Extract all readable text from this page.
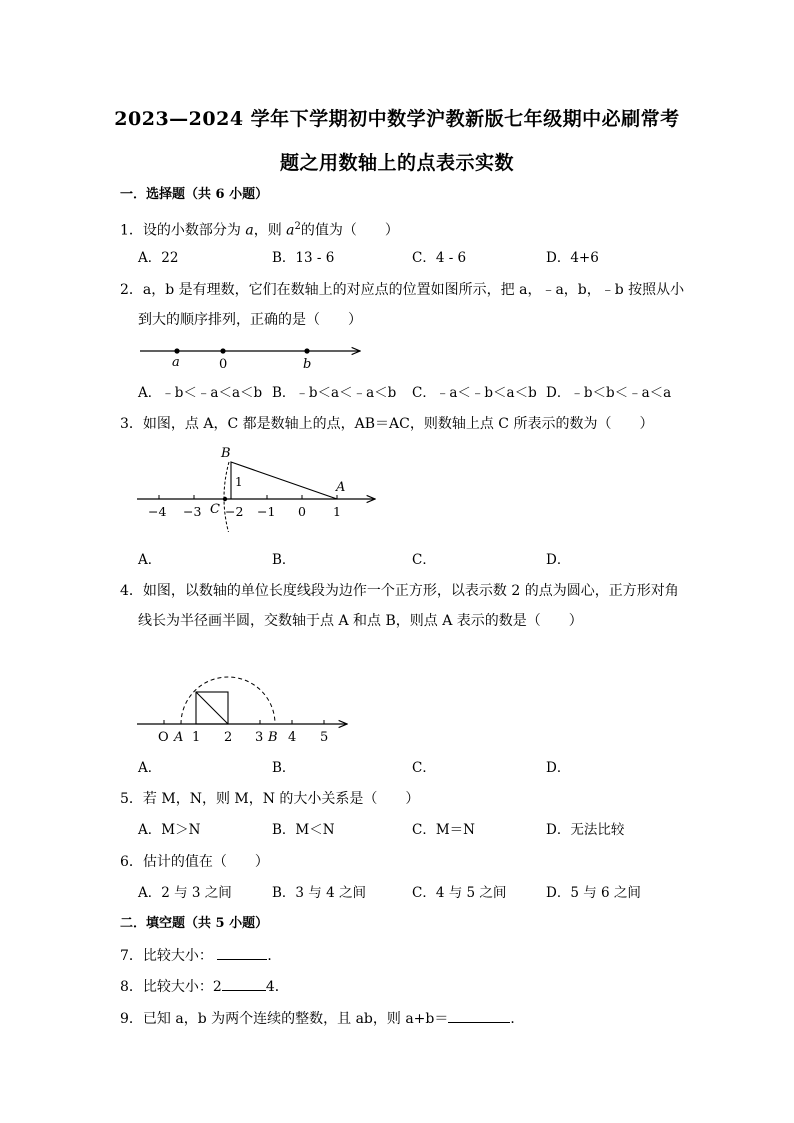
2023—2024 学年下学期初中数学沪教新版七年级期中必刷常考
题之用数轴上的点表示实数
一．选择题（共 6 小题）
1．设的小数部分为 a，则 $a^2$的值为（　　）
A．22	B．13 - 6	C．4 - 6	D．4+6
2．a，b 是有理数，它们在数轴上的对应点的位置如图所示，把 a，﹣a，b，﹣b 按照从小
到大的顺序排列，正确的是（　　）
a	0	b
A．﹣b＜﹣a＜a＜b B．﹣b＜a＜﹣a＜b C．﹣a＜﹣b＜a＜b D．﹣b＜b＜﹣a＜a
3．如图，点 A，C 都是数轴上的点，AB＝AC，则数轴上点 C 所表示的数为（　　）
B
A
1
C
−4 −3 −2 −1 0 1
A．	B．	C．	D．
4．如图，以数轴的单位长度线段为边作一个正方形，以表示数 2 的点为圆心，正方形对角
线长为半径画半圆，交数轴于点 A 和点 B，则点 A 表示的数是（　　）
O A 1 2 3 B 4 5
A．	B．	C．	D．
5．若 M，N，则 M，N 的大小关系是（　　）
A．M＞N	B．M＜N	C．M＝N	D．无法比较
6．估计的值在（　　）
A．2 与 3 之间	B．3 与 4 之间	C．4 与 5 之间	D．5 与 6 之间
二．填空题（共 5 小题）
7．比较大小：	．
8．比较大小：2	4．
9．已知 a，b 为两个连续的整数，且 ab，则 a+b＝	．
